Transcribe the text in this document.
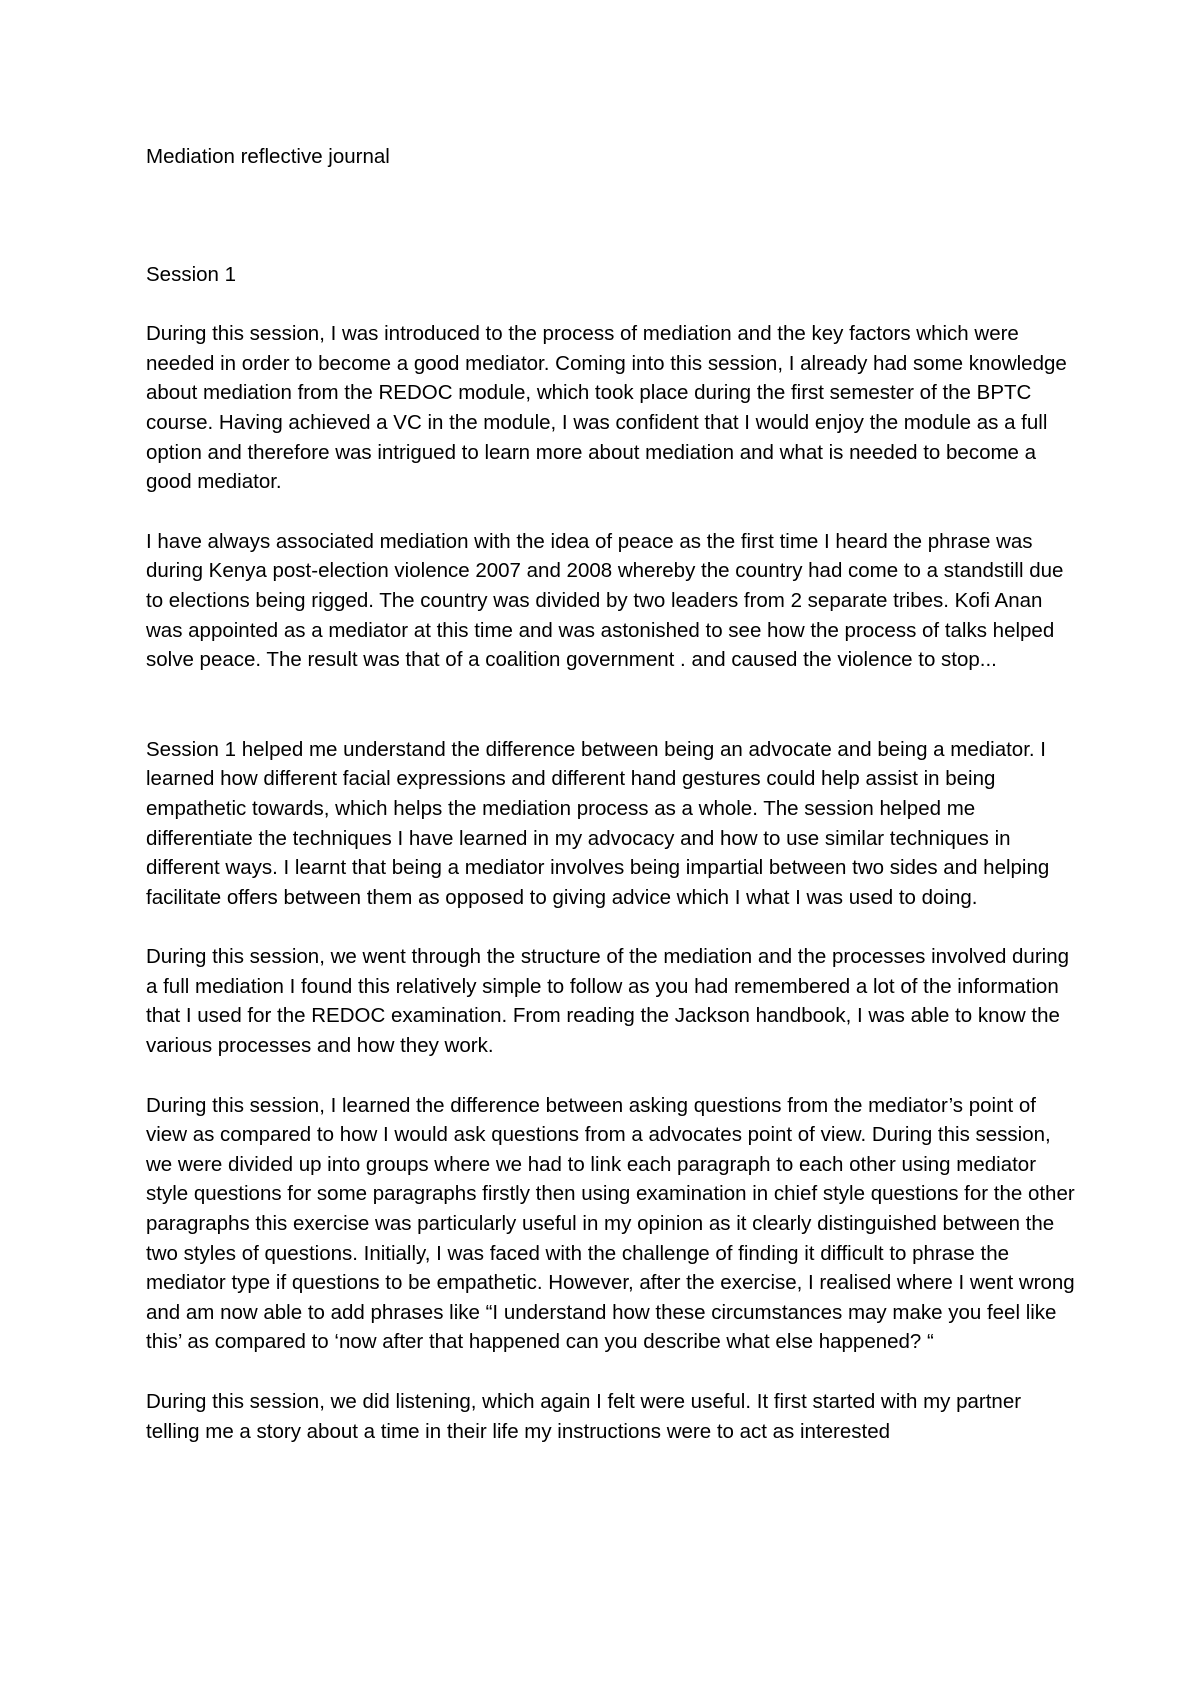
Mediation reflective journal
Session 1

During this session, I was introduced to the process of mediation and the key factors which were needed in order to become a good mediator. Coming into this session, I already had some knowledge about mediation from the REDOC module, which took place during the first semester of the BPTC course. Having achieved a VC in the module, I was confident that I would enjoy the module as a full option and therefore was intrigued to learn more about mediation and what is needed to become a good mediator.

I have always associated mediation with the idea of peace as the first time I heard the phrase was during Kenya post-election violence 2007 and 2008 whereby the country had come to a standstill due to elections being rigged. The country was divided by two leaders from 2 separate tribes. Kofi Anan was appointed as a mediator at this time and was astonished to see how the process of talks helped solve peace. The result was that of a coalition government . and caused the violence to stop...

Session 1 helped me understand the difference between being an advocate and being a mediator. I learned how different facial expressions and different hand gestures could help assist in being empathetic towards, which helps the mediation process as a whole. The session helped me differentiate the techniques I have learned in my advocacy and how to use similar techniques in different ways. I learnt that being a mediator involves being impartial between two sides and helping facilitate offers between them as opposed to giving advice which I what I was used to doing.

During this session, we went through the structure of the mediation and the processes involved during a full mediation I found this relatively simple to follow as you had remembered a lot of the information that I used for the REDOC examination. From reading the Jackson handbook, I was able to know the various processes and how they work.

During this session, I learned the difference between asking questions from the mediator’s point of view as compared to how I would ask questions from a advocates point of view. During this session, we were divided up into groups where we had to link each paragraph to each other using mediator style questions for some paragraphs firstly then using examination in chief style questions for the other paragraphs this exercise was particularly useful in my opinion as it clearly distinguished between the two styles of questions. Initially, I was faced with the challenge of finding it difficult to phrase the mediator type if questions to be empathetic. However, after the exercise, I realised where I went wrong and am now able to add phrases like “I understand how these circumstances may make you feel like this’ as compared to ‘now after that happened can you describe what else happened? “

During this session, we did listening, which again I felt were useful. It first started with my partner telling me a story about a time in their life my instructions were to act as interested
